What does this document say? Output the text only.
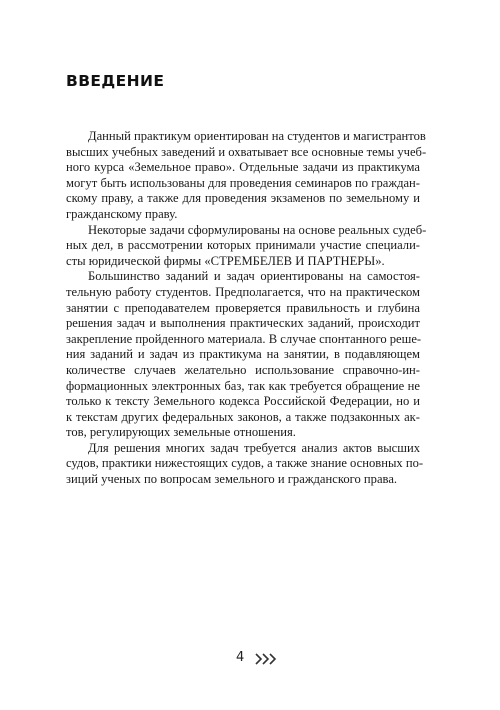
ВВЕДЕНИЕ
Данный практикум ориентирован на студентов и магистрантов
высших учебных заведений и охватывает все основные темы учеб-
ного курса «Земельное право». Отдельные задачи из практикума
могут быть использованы для проведения семинаров по граждан-
скому праву, а также для проведения экзаменов по земельному и
гражданскому праву.
Некоторые задачи сформулированы на основе реальных судеб-
ных дел, в рассмотрении которых принимали участие специали-
сты юридической фирмы «СТРЕМБЕЛЕВ И ПАРТНЕРЫ».
Большинство заданий и задач ориентированы на самостоя-
тельную работу студентов. Предполагается, что на практическом
занятии с преподавателем проверяется правильность и глубина
решения задач и выполнения практических заданий, происходит
закрепление пройденного материала. В случае спонтанного реше-
ния заданий и задач из практикума на занятии, в подавляющем
количестве случаев желательно использование справочно-ин-
формационных электронных баз, так как требуется обращение не
только к тексту Земельного кодекса Российской Федерации, но и
к текстам других федеральных законов, а также подзаконных ак-
тов, регулирующих земельные отношения.
Для решения многих задач требуется анализ актов высших
судов, практики нижестоящих судов, а также знание основных по-
зиций ученых по вопросам земельного и гражданского права.
4
